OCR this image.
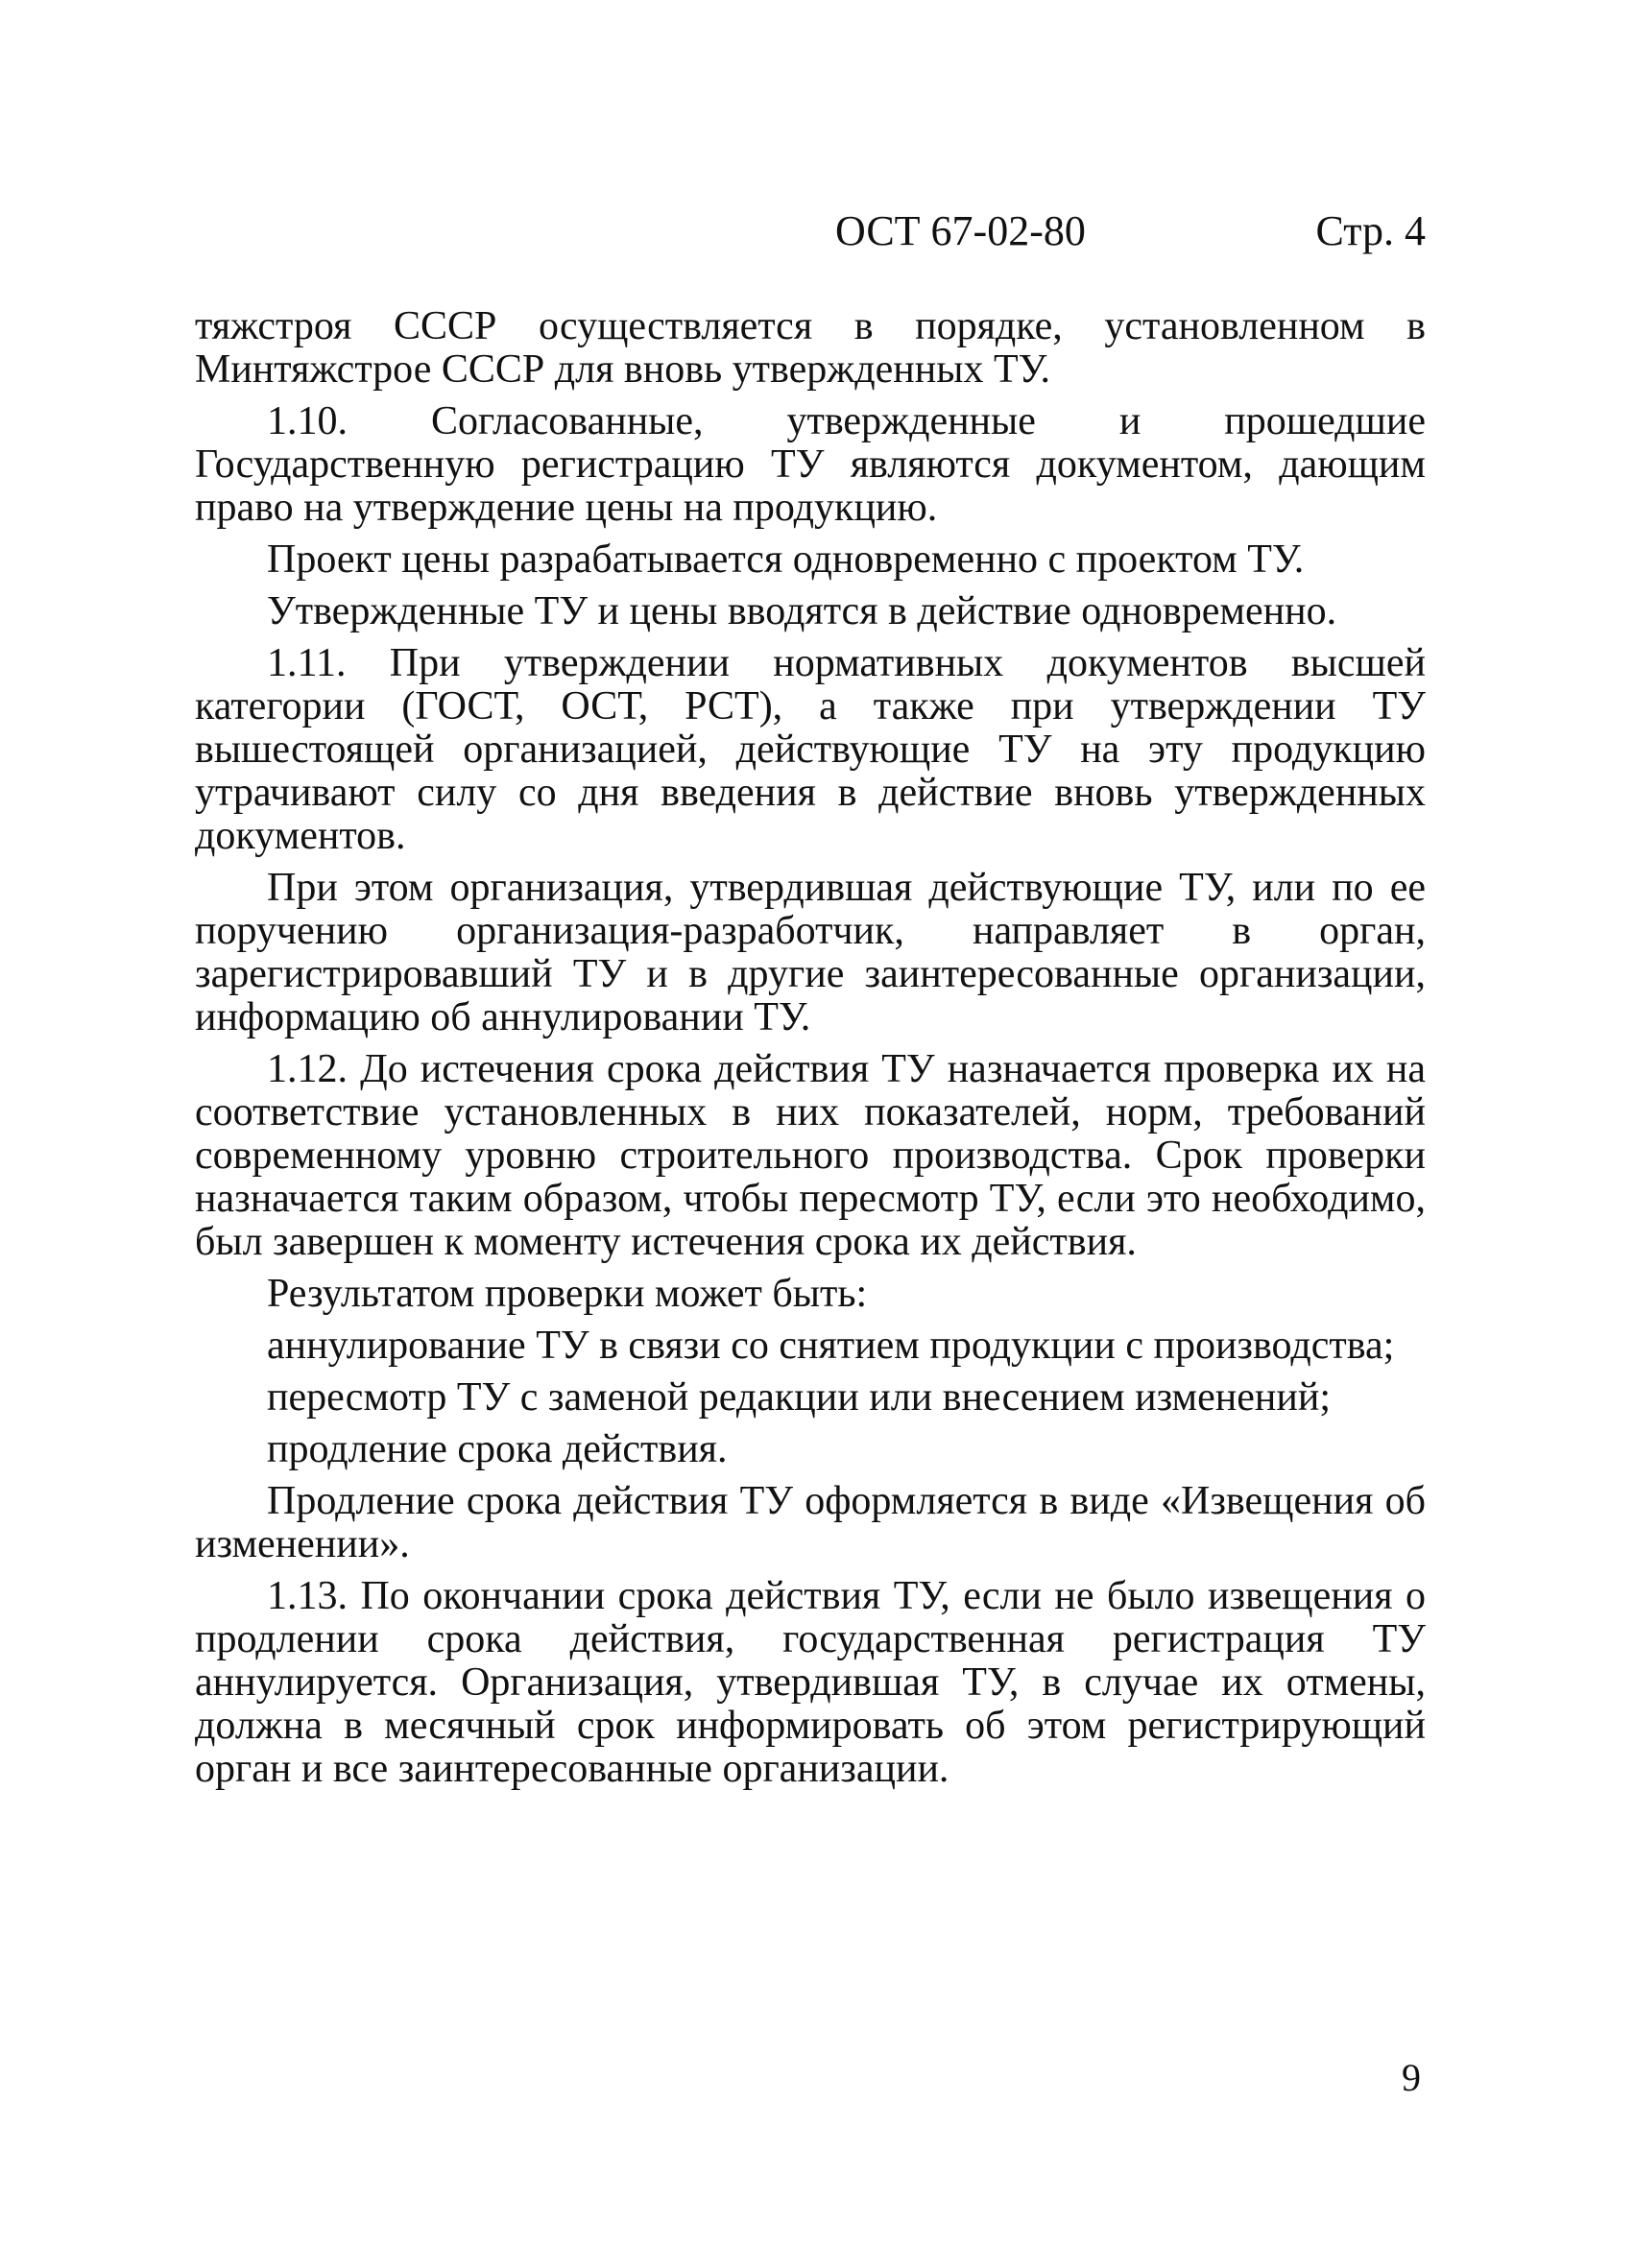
ОСТ 67-02-80	Стр. 4

тяжстроя СССР осуществляется в порядке, установленном в Минтяжстрое СССР для вновь утвержденных ТУ.

1.10. Согласованные, утвержденные и прошедшие Государственную регистрацию ТУ являются документом, дающим право на утверждение цены на продукцию.

Проект цены разрабатывается одновременно с проектом ТУ.

Утвержденные ТУ и цены вводятся в действие одновременно.

1.11. При утверждении нормативных документов высшей категории (ГОСТ, ОСТ, РСТ), а также при утверждении ТУ вышестоящей организацией, действующие ТУ на эту продукцию утрачивают силу со дня введения в действие вновь утвержденных документов.

При этом организация, утвердившая действующие ТУ, или по ее поручению организация-разработчик, направляет в орган, зарегистрировавший ТУ и в другие заинтересованные организации, информацию об аннулировании ТУ.

1.12. До истечения срока действия ТУ назначается проверка их на соответствие установленных в них показателей, норм, требований современному уровню строительного производства. Срок проверки назначается таким образом, чтобы пересмотр ТУ, если это необходимо, был завершен к моменту истечения срока их действия.

Результатом проверки может быть:

аннулирование ТУ в связи со снятием продукции с производства;

пересмотр ТУ с заменой редакции или внесением изменений;

продление срока действия.

Продление срока действия ТУ оформляется в виде «Извещения об изменении».

1.13. По окончании срока действия ТУ, если не было извещения о продлении срока действия, государственная регистрация ТУ аннулируется. Организация, утвердившая ТУ, в случае их отмены, должна в месячный срок информировать об этом регистрирующий орган и все заинтересованные организации.

9
